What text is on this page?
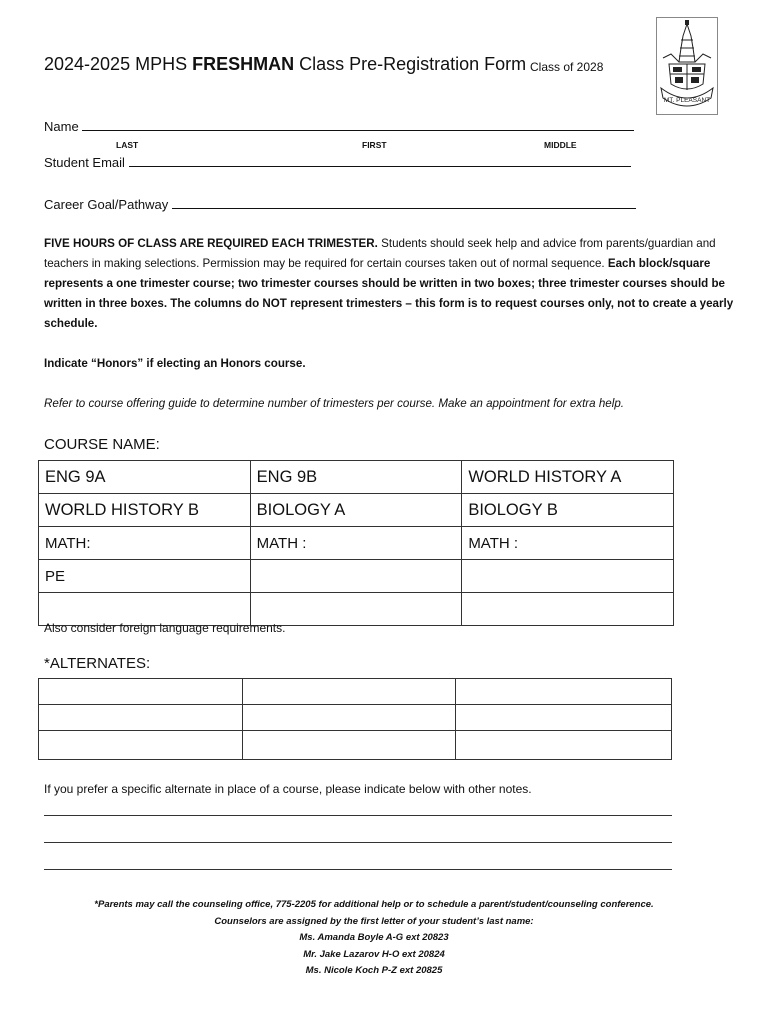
2024-2025 MPHS FRESHMAN Class Pre-Registration Form Class of 2028
MT. PLEASANT
Name
LAST	FIRST	MIDDLE
Student Email
Career Goal/Pathway
FIVE HOURS OF CLASS ARE REQUIRED EACH TRIMESTER. Students should seek help and advice from parents/guardian and teachers in making selections. Permission may be required for certain courses taken out of normal sequence. Each block/square represents a one trimester course; two trimester courses should be written in two boxes; three trimester courses should be written in three boxes. The columns do NOT represent trimesters – this form is to request courses only, not to create a yearly schedule.
Indicate “Honors” if electing an Honors course.
Refer to course offering guide to determine number of trimesters per course. Make an appointment for extra help.
COURSE NAME:
ENG 9A	ENG 9B	WORLD HISTORY A
WORLD HISTORY B	BIOLOGY A	BIOLOGY B
MATH:	MATH :	MATH :
PE		

Also consider foreign language requirements.
*ALTERNATES:

If you prefer a specific alternate in place of a course, please indicate below with other notes.
*Parents may call the counseling office, 775-2205 for additional help or to schedule a parent/student/counseling conference.
Counselors are assigned by the first letter of your student’s last name:
Ms. Amanda Boyle A-G ext 20823
Mr. Jake Lazarov H-O ext 20824
Ms. Nicole Koch P-Z ext 20825
